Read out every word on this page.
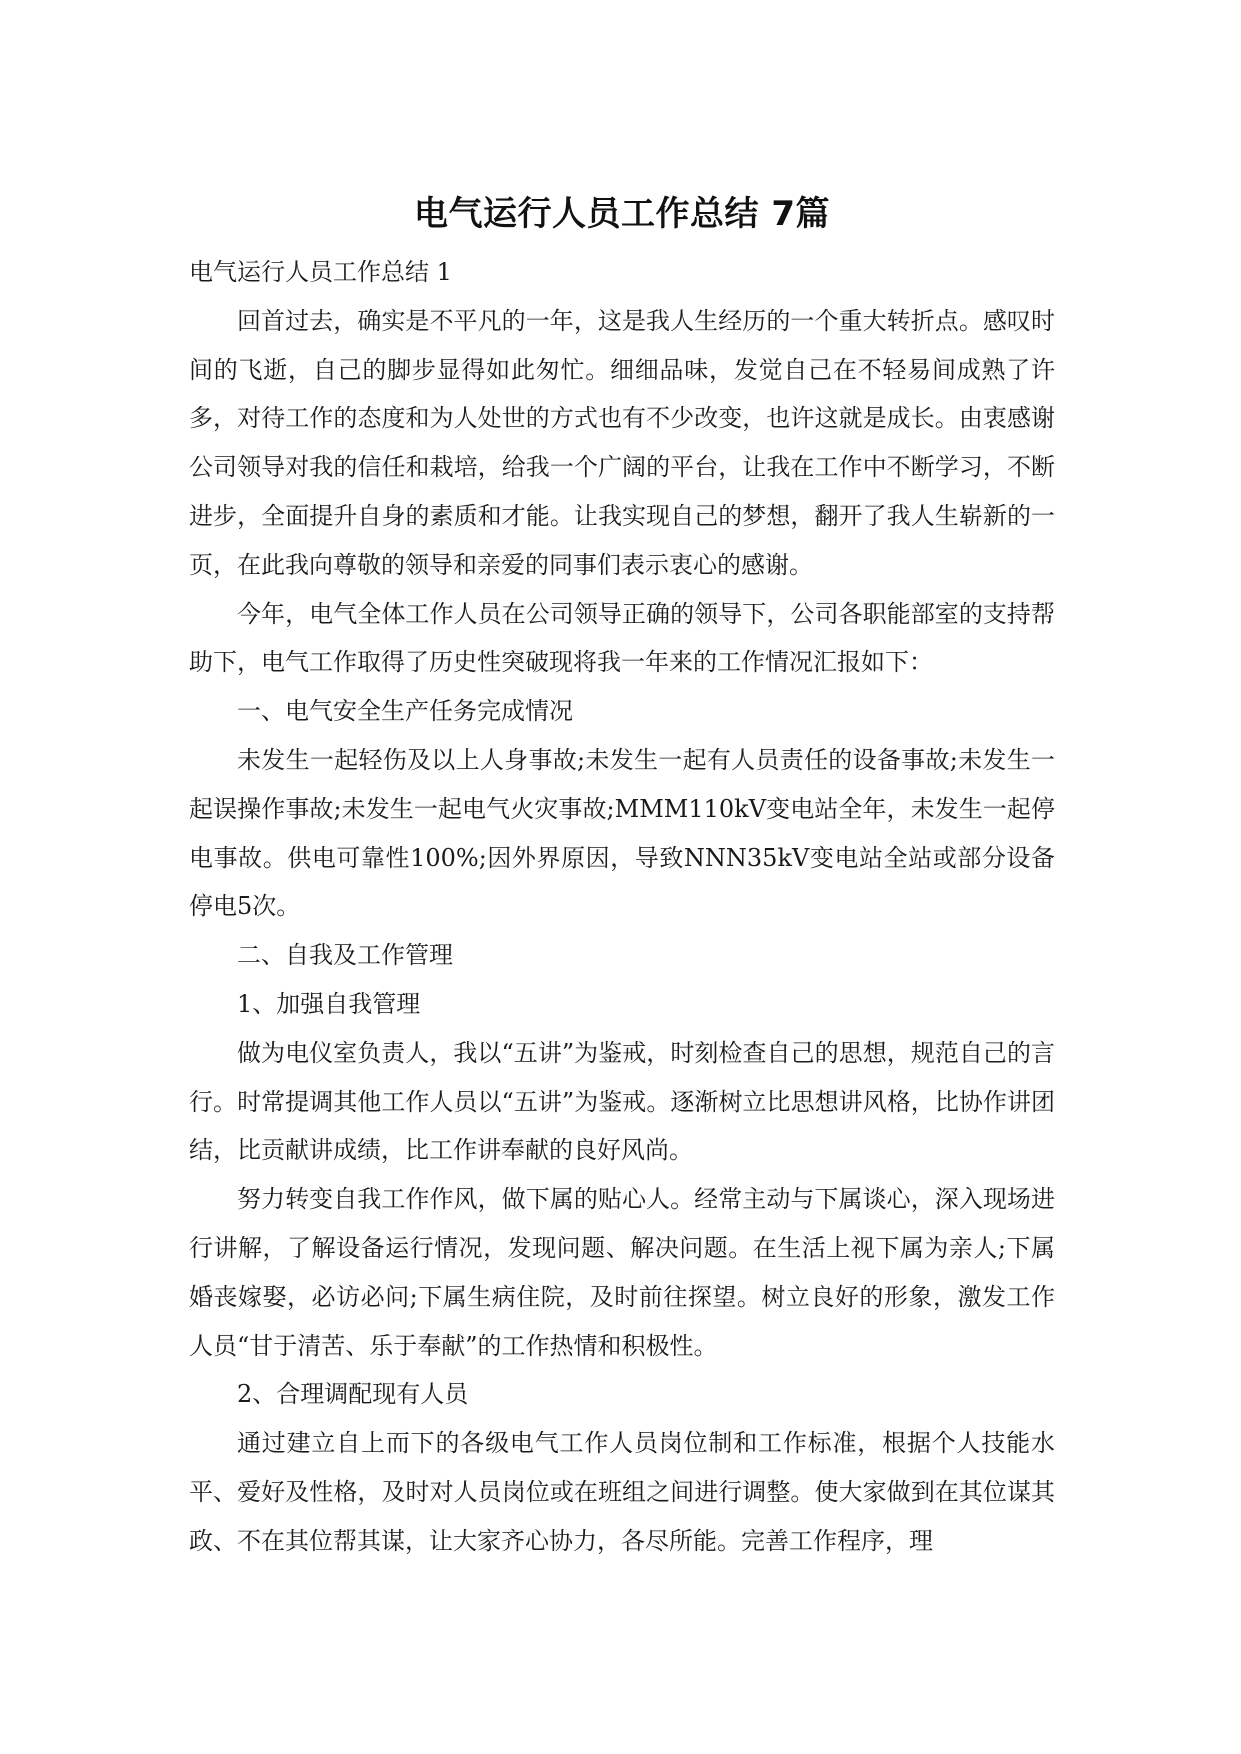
电气运行人员工作总结 7篇

电气运行人员工作总结 1

回首过去，确实是不平凡的一年，这是我人生经历的一个重大转折点。感叹时间的飞逝，自己的脚步显得如此匆忙。细细品味，发觉自己在不轻易间成熟了许多，对待工作的态度和为人处世的方式也有不少改变，也许这就是成长。由衷感谢公司领导对我的信任和栽培，给我一个广阔的平台，让我在工作中不断学习，不断进步，全面提升自身的素质和才能。让我实现自己的梦想，翻开了我人生崭新的一页，在此我向尊敬的领导和亲爱的同事们表示衷心的感谢。

今年，电气全体工作人员在公司领导正确的领导下，公司各职能部室的支持帮助下，电气工作取得了历史性突破现将我一年来的工作情况汇报如下：

一、电气安全生产任务完成情况

未发生一起轻伤及以上人身事故;未发生一起有人员责任的设备事故;未发生一起误操作事故;未发生一起电气火灾事故;MMM110kV变电站全年，未发生一起停电事故。供电可靠性100%;因外界原因，导致NNN35kV变电站全站或部分设备停电5次。

二、自我及工作管理

1、加强自我管理

做为电仪室负责人，我以“五讲”为鉴戒，时刻检查自己的思想，规范自己的言行。时常提调其他工作人员以“五讲”为鉴戒。逐渐树立比思想讲风格，比协作讲团结，比贡献讲成绩，比工作讲奉献的良好风尚。

努力转变自我工作作风，做下属的贴心人。经常主动与下属谈心，深入现场进行讲解，了解设备运行情况，发现问题、解决问题。在生活上视下属为亲人;下属婚丧嫁娶，必访必问;下属生病住院，及时前往探望。树立良好的形象，激发工作人员“甘于清苦、乐于奉献”的工作热情和积极性。

2、合理调配现有人员

通过建立自上而下的各级电气工作人员岗位制和工作标准，根据个人技能水平、爱好及性格，及时对人员岗位或在班组之间进行调整。使大家做到在其位谋其政、不在其位帮其谋，让大家齐心协力，各尽所能。完善工作程序，理
